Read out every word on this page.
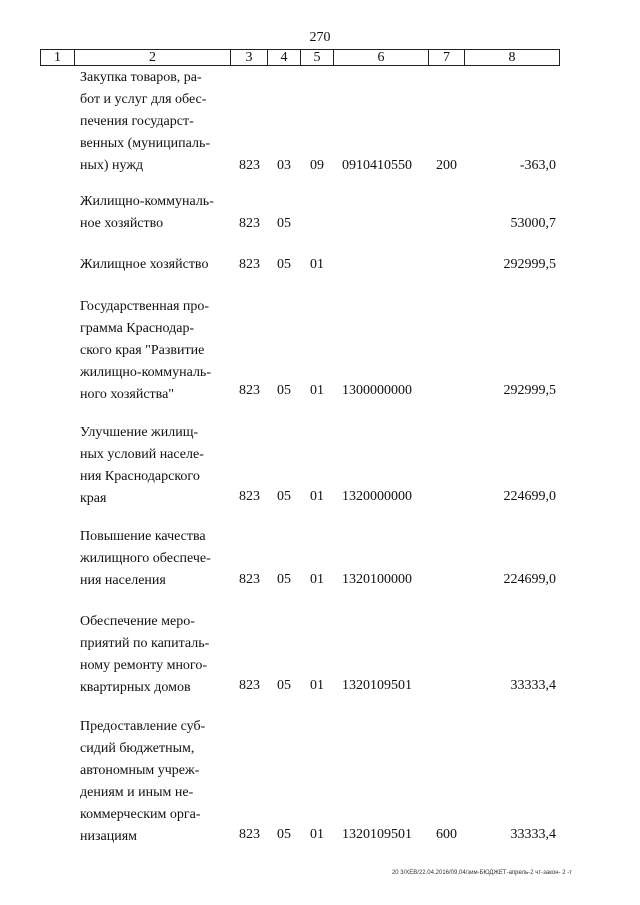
270
1	2	3	4	5	6	7	8
Закупка товаров, ра-
бот и услуг для обес-
печения государст-
венных (муниципаль-
ных) нужд	823 03 09 0910410550 200	-363,0
Жилищно-коммуналь-
ное хозяйство	823 05	53000,7
Жилищное хозяйство	823 05 01	292999,5
Государственная про-
грамма Краснодар-
ского края "Развитие
жилищно-коммуналь-
ного хозяйства"	823 05 01 1300000000	292999,5
Улучшение жилищ-
ных условий населе-
ния Краснодарского
края	823 05 01 1320000000	224699,0
Повышение качества
жилищного обеспече-
ния населения	823 05 01 1320100000	224699,0
Обеспечение меро-
приятий по капиталь-
ному ремонту много-
квартирных домов	823 05 01 1320109501	33333,4
Предоставление суб-
сидий бюджетным,
автономным учреж-
дениям и иным не-
коммерческим орга-
низациям	823 05 01 1320109501 600	33333,4
20 3/ХЕВ/22.04.2016/09.04/зим-БЮДЖЕТ-апрель-2 чт-закон- 2 -т
